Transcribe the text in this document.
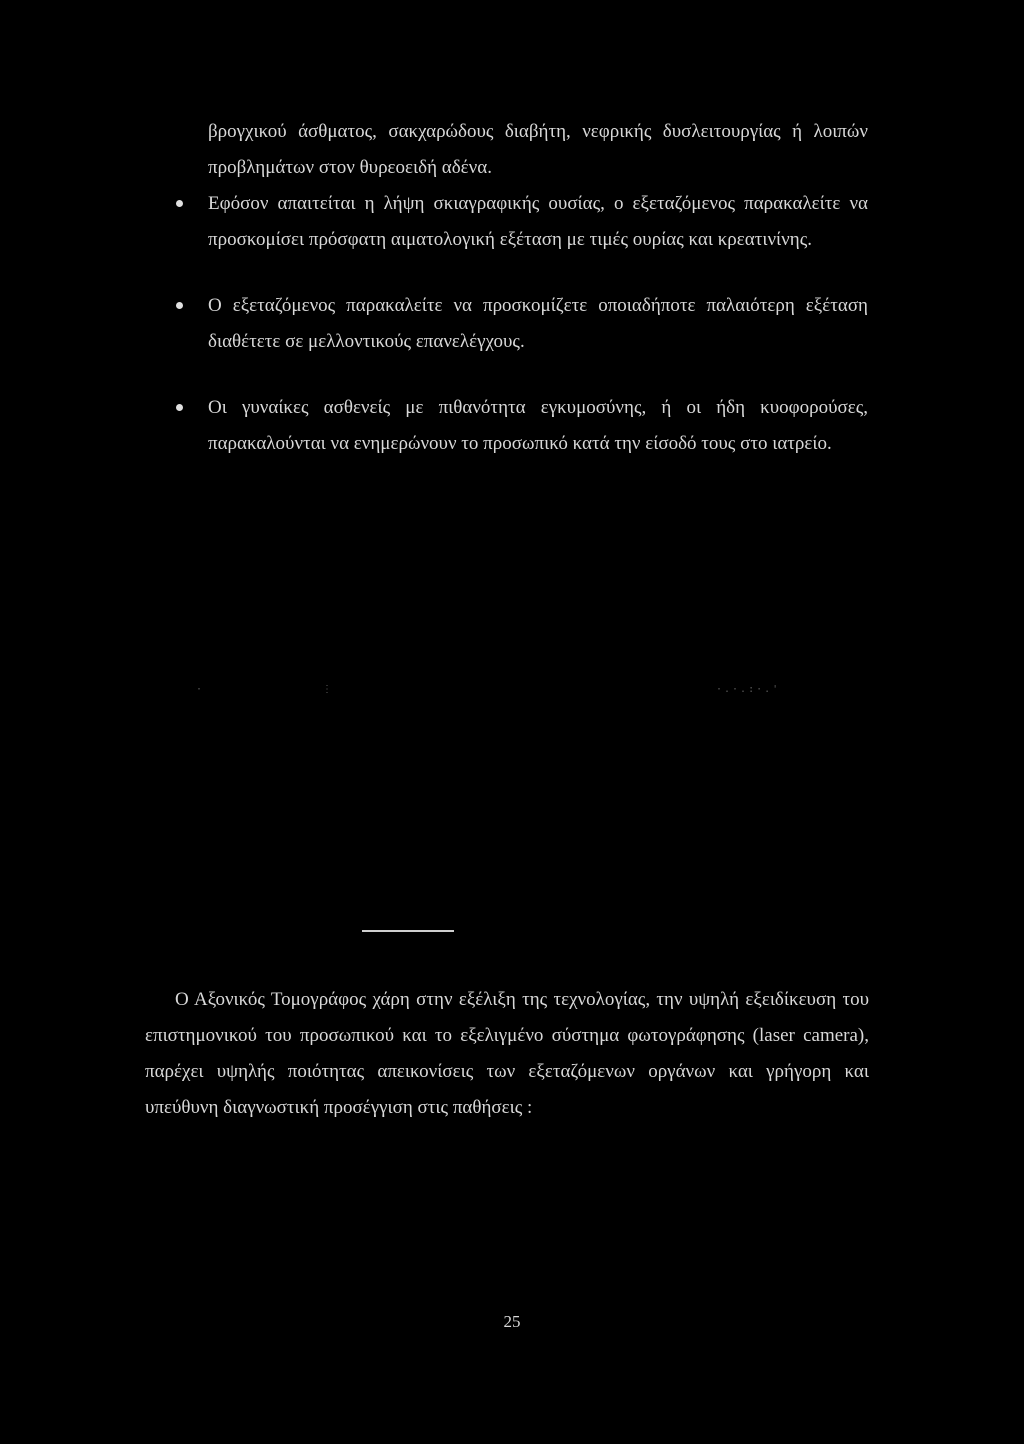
βρογχικού άσθματος, σακχαρώδους διαβήτη, νεφρικής δυσλειτουργίας ή λοιπών προβλημάτων στον θυρεοειδή αδένα.

Εφόσον απαιτείται η λήψη σκιαγραφικής ουσίας, ο εξεταζόμενος παρακαλείτε να προσκομίσει πρόσφατη αιματολογική εξέταση με τιμές ουρίας και κρεατινίνης.
Ο εξεταζόμενος παρακαλείτε να προσκομίζετε οποιαδήποτε παλαιότερη εξέταση διαθέτετε σε μελλοντικούς επανελέγχους.
Οι γυναίκες ασθενείς με πιθανότητα εγκυμοσύνης, ή οι ήδη κυοφορούσες, παρακαλούνται να ενημερώνουν το προσωπικό κατά την είσοδό τους στο ιατρείο.
·	⋮	·.·.:·.'

Ο Αξονικός Τομογράφος χάρη στην εξέλιξη της τεχνολογίας, την υψηλή εξειδίκευση του επιστημονικού του προσωπικού και το εξελιγμένο σύστημα φωτογράφησης (laser camera), παρέχει υψηλής ποιότητας απεικονίσεις των εξεταζόμενων οργάνων και γρήγορη και υπεύθυνη διαγνωστική προσέγγιση στις παθήσεις :

25
